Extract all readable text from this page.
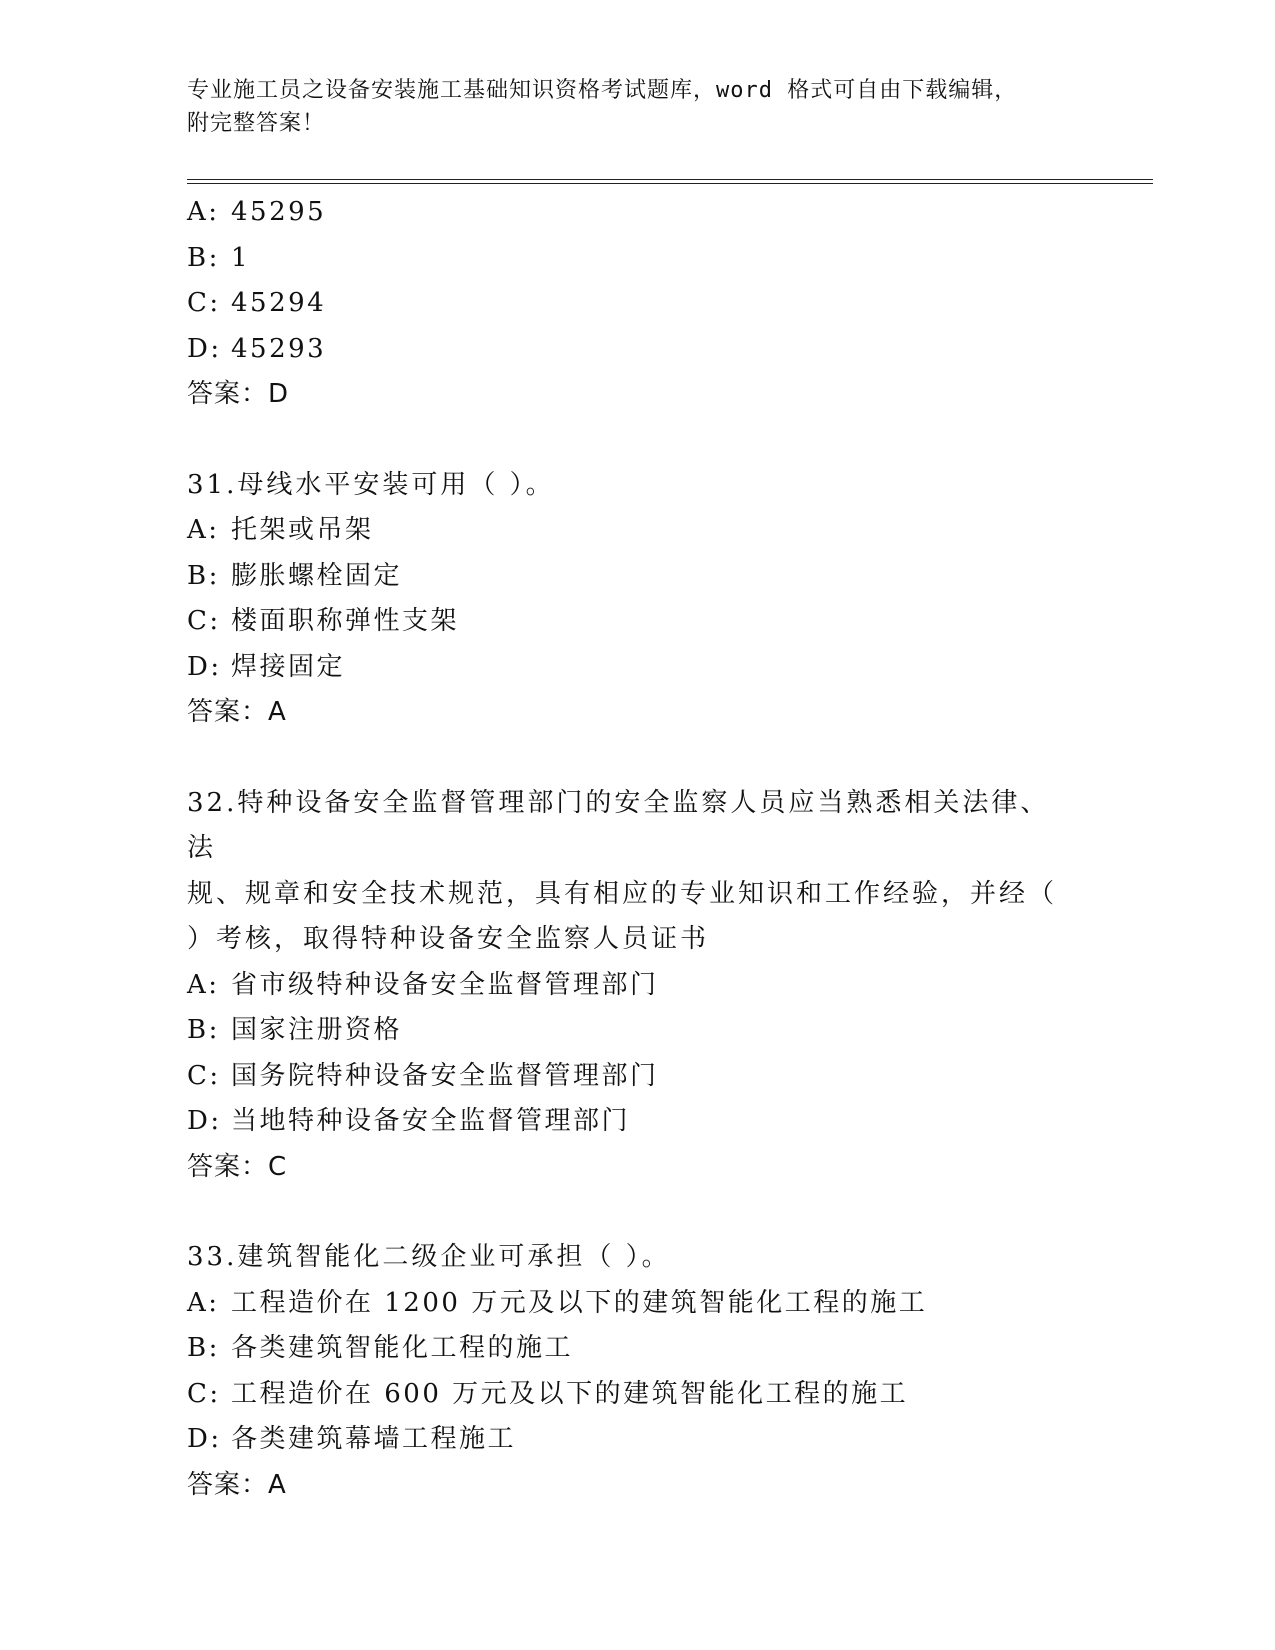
专业施工员之设备安装施工基础知识资格考试题库，word 格式可自由下载编辑，
附完整答案！
A: 45295
B: 1
C: 45294
D: 45293
答案：D
31.母线水平安装可用（ ）。
A: 托架或吊架
B: 膨胀螺栓固定
C: 楼面职称弹性支架
D: 焊接固定
答案：A
32.特种设备安全监督管理部门的安全监察人员应当熟悉相关法律、法
规、规章和安全技术规范，具有相应的专业知识和工作经验，并经（
）考核，取得特种设备安全监察人员证书
A: 省市级特种设备安全监督管理部门
B: 国家注册资格
C: 国务院特种设备安全监督管理部门
D: 当地特种设备安全监督管理部门
答案：C
33.建筑智能化二级企业可承担（ ）。
A: 工程造价在 1200 万元及以下的建筑智能化工程的施工
B: 各类建筑智能化工程的施工
C: 工程造价在 600 万元及以下的建筑智能化工程的施工
D: 各类建筑幕墙工程施工
答案：A
